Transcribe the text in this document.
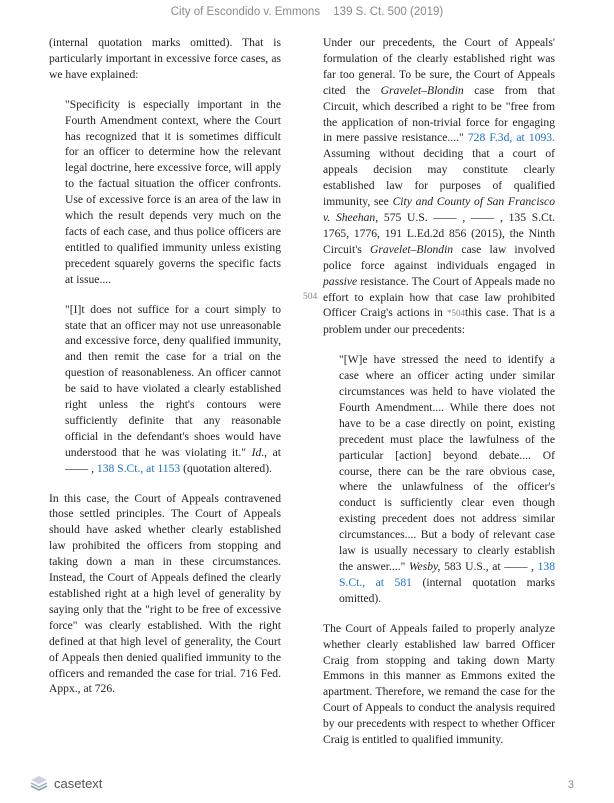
City of Escondido v. Emmons 139 S. Ct. 500 (2019)

(internal quotation marks omitted). That is particularly important in excessive force cases, as we have explained:

"Specificity is especially important in the Fourth Amendment context, where the Court has recognized that it is sometimes difficult for an officer to determine how the relevant legal doctrine, here excessive force, will apply to the factual situation the officer confronts. Use of excessive force is an area of the law in which the result depends very much on the facts of each case, and thus police officers are entitled to qualified immunity unless existing precedent squarely governs the specific facts at issue....

"[I]t does not suffice for a court simply to state that an officer may not use unreasonable and excessive force, deny qualified immunity, and then remit the case for a trial on the question of reasonableness. An officer cannot be said to have violated a clearly established right unless the right's contours were sufficiently definite that any reasonable official in the defendant's shoes would have understood that he was violating it." Id., at —— , 138 S.Ct., at 1153 (quotation altered).

In this case, the Court of Appeals contravened those settled principles. The Court of Appeals should have asked whether clearly established law prohibited the officers from stopping and taking down a man in these circumstances. Instead, the Court of Appeals defined the clearly established right at a high level of generality by saying only that the "right to be free of excessive force" was clearly established. With the right defined at that high level of generality, the Court of Appeals then denied qualified immunity to the officers and remanded the case for trial. 716 Fed. Appx., at 726.

504

Under our precedents, the Court of Appeals' formulation of the clearly established right was far too general. To be sure, the Court of Appeals cited the Gravelet–Blondin case from that Circuit, which described a right to be "free from the application of non-trivial force for engaging in mere passive resistance...." 728 F.3d, at 1093. Assuming without deciding that a court of appeals decision may constitute clearly established law for purposes of qualified immunity, see City and County of San Francisco v. Sheehan, 575 U.S. —— , —— , 135 S.Ct. 1765, 1776, 191 L.Ed.2d 856 (2015), the Ninth Circuit's Gravelet–Blondin case law involved police force against individuals engaged in passive resistance. The Court of Appeals made no effort to explain how that case law prohibited Officer Craig's actions in *504this case. That is a problem under our precedents:

"[W]e have stressed the need to identify a case where an officer acting under similar circumstances was held to have violated the Fourth Amendment.... While there does not have to be a case directly on point, existing precedent must place the lawfulness of the particular [action] beyond debate.... Of course, there can be the rare obvious case, where the unlawfulness of the officer's conduct is sufficiently clear even though existing precedent does not address similar circumstances.... But a body of relevant case law is usually necessary to clearly establish the answer...." Wesby, 583 U.S., at —— , 138 S.Ct., at 581 (internal quotation marks omitted).

The Court of Appeals failed to properly analyze whether clearly established law barred Officer Craig from stopping and taking down Marty Emmons in this manner as Emmons exited the apartment. Therefore, we remand the case for the Court of Appeals to conduct the analysis required by our precedents with respect to whether Officer Craig is entitled to qualified immunity.

casetext	3
